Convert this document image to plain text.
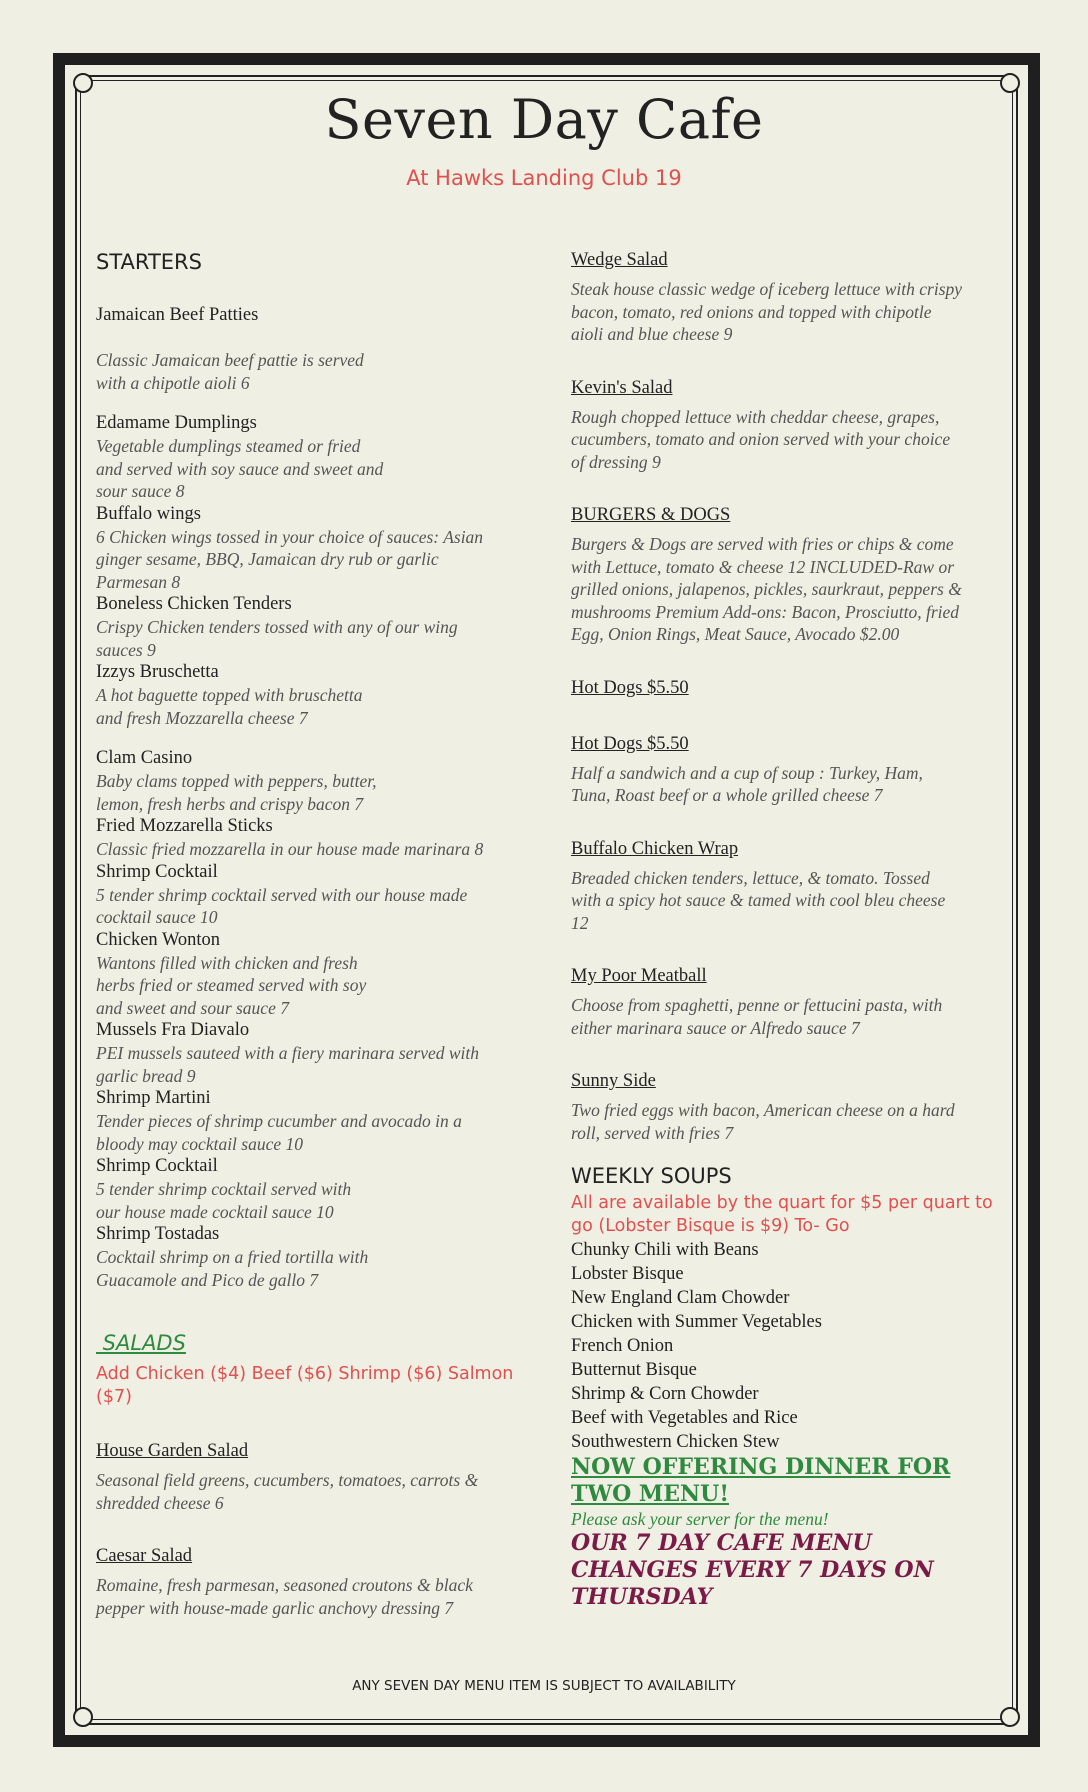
Seven Day Cafe
At Hawks Landing Club 19
STARTERS
Jamaican Beef Patties
Classic Jamaican beef pattie is served
with a chipotle aioli 6
Edamame Dumplings
Vegetable dumplings steamed or fried
and served with soy sauce and sweet and
sour sauce 8
Buffalo wings
6 Chicken wings tossed in your choice of sauces: Asian
ginger sesame, BBQ, Jamaican dry rub or garlic
Parmesan 8
Boneless Chicken Tenders
Crispy Chicken tenders tossed with any of our wing
sauces 9
Izzys Bruschetta
A hot baguette topped with bruschetta
and fresh Mozzarella cheese 7
Clam Casino
Baby clams topped with peppers, butter,
lemon, fresh herbs and crispy bacon 7
Fried Mozzarella Sticks
Classic fried mozzarella in our house made marinara 8
Shrimp Cocktail
5 tender shrimp cocktail served with our house made
cocktail sauce 10
Chicken Wonton
Wantons filled with chicken and fresh
herbs fried or steamed served with soy
and sweet and sour sauce 7
Mussels Fra Diavalo
PEI mussels sauteed with a fiery marinara served with
garlic bread 9
Shrimp Martini
Tender pieces of shrimp cucumber and avocado in a
bloody may cocktail sauce 10
Shrimp Cocktail
5 tender shrimp cocktail served with
our house made cocktail sauce 10
Shrimp Tostadas
Cocktail shrimp on a fried tortilla with
Guacamole and Pico de gallo 7
SALADS
Add Chicken ($4) Beef ($6) Shrimp ($6) Salmon ($7)
House Garden Salad
Seasonal field greens, cucumbers, tomatoes, carrots &
shredded cheese 6
Caesar Salad
Romaine, fresh parmesan, seasoned croutons & black
pepper with house-made garlic anchovy dressing 7
Wedge Salad
Steak house classic wedge of iceberg lettuce with crispy
bacon, tomato, red onions and topped with chipotle
aioli and blue cheese 9
Kevin's Salad
Rough chopped lettuce with cheddar cheese, grapes,
cucumbers, tomato and onion served with your choice
of dressing 9
BURGERS & DOGS
Burgers & Dogs are served with fries or chips & come
with Lettuce, tomato & cheese 12 INCLUDED-Raw or
grilled onions, jalapenos, pickles, saurkraut, peppers &
mushrooms Premium Add-ons: Bacon, Prosciutto, fried
Egg, Onion Rings, Meat Sauce, Avocado $2.00
Hot Dogs $5.50
Hot Dogs $5.50
Half a sandwich and a cup of soup : Turkey, Ham,
Tuna, Roast beef or a whole grilled cheese 7
Buffalo Chicken Wrap
Breaded chicken tenders, lettuce, & tomato. Tossed
with a spicy hot sauce & tamed with cool bleu cheese
12
My Poor Meatball
Choose from spaghetti, penne or fettucini pasta, with
either marinara sauce or Alfredo sauce 7
Sunny Side
Two fried eggs with bacon, American cheese on a hard
roll, served with fries 7
WEEKLY SOUPS
All are available by the quart for $5 per quart to go (Lobster Bisque is $9) To- Go
Chunky Chili with Beans
Lobster Bisque
New England Clam Chowder
Chicken with Summer Vegetables
French Onion
Butternut Bisque
Shrimp & Corn Chowder
Beef with Vegetables and Rice
Southwestern Chicken Stew
NOW OFFERING DINNER FOR TWO MENU!
Please ask your server for the menu!
OUR 7 DAY CAFE MENU CHANGES EVERY 7 DAYS ON THURSDAY
ANY SEVEN DAY MENU ITEM IS SUBJECT TO AVAILABILITY
